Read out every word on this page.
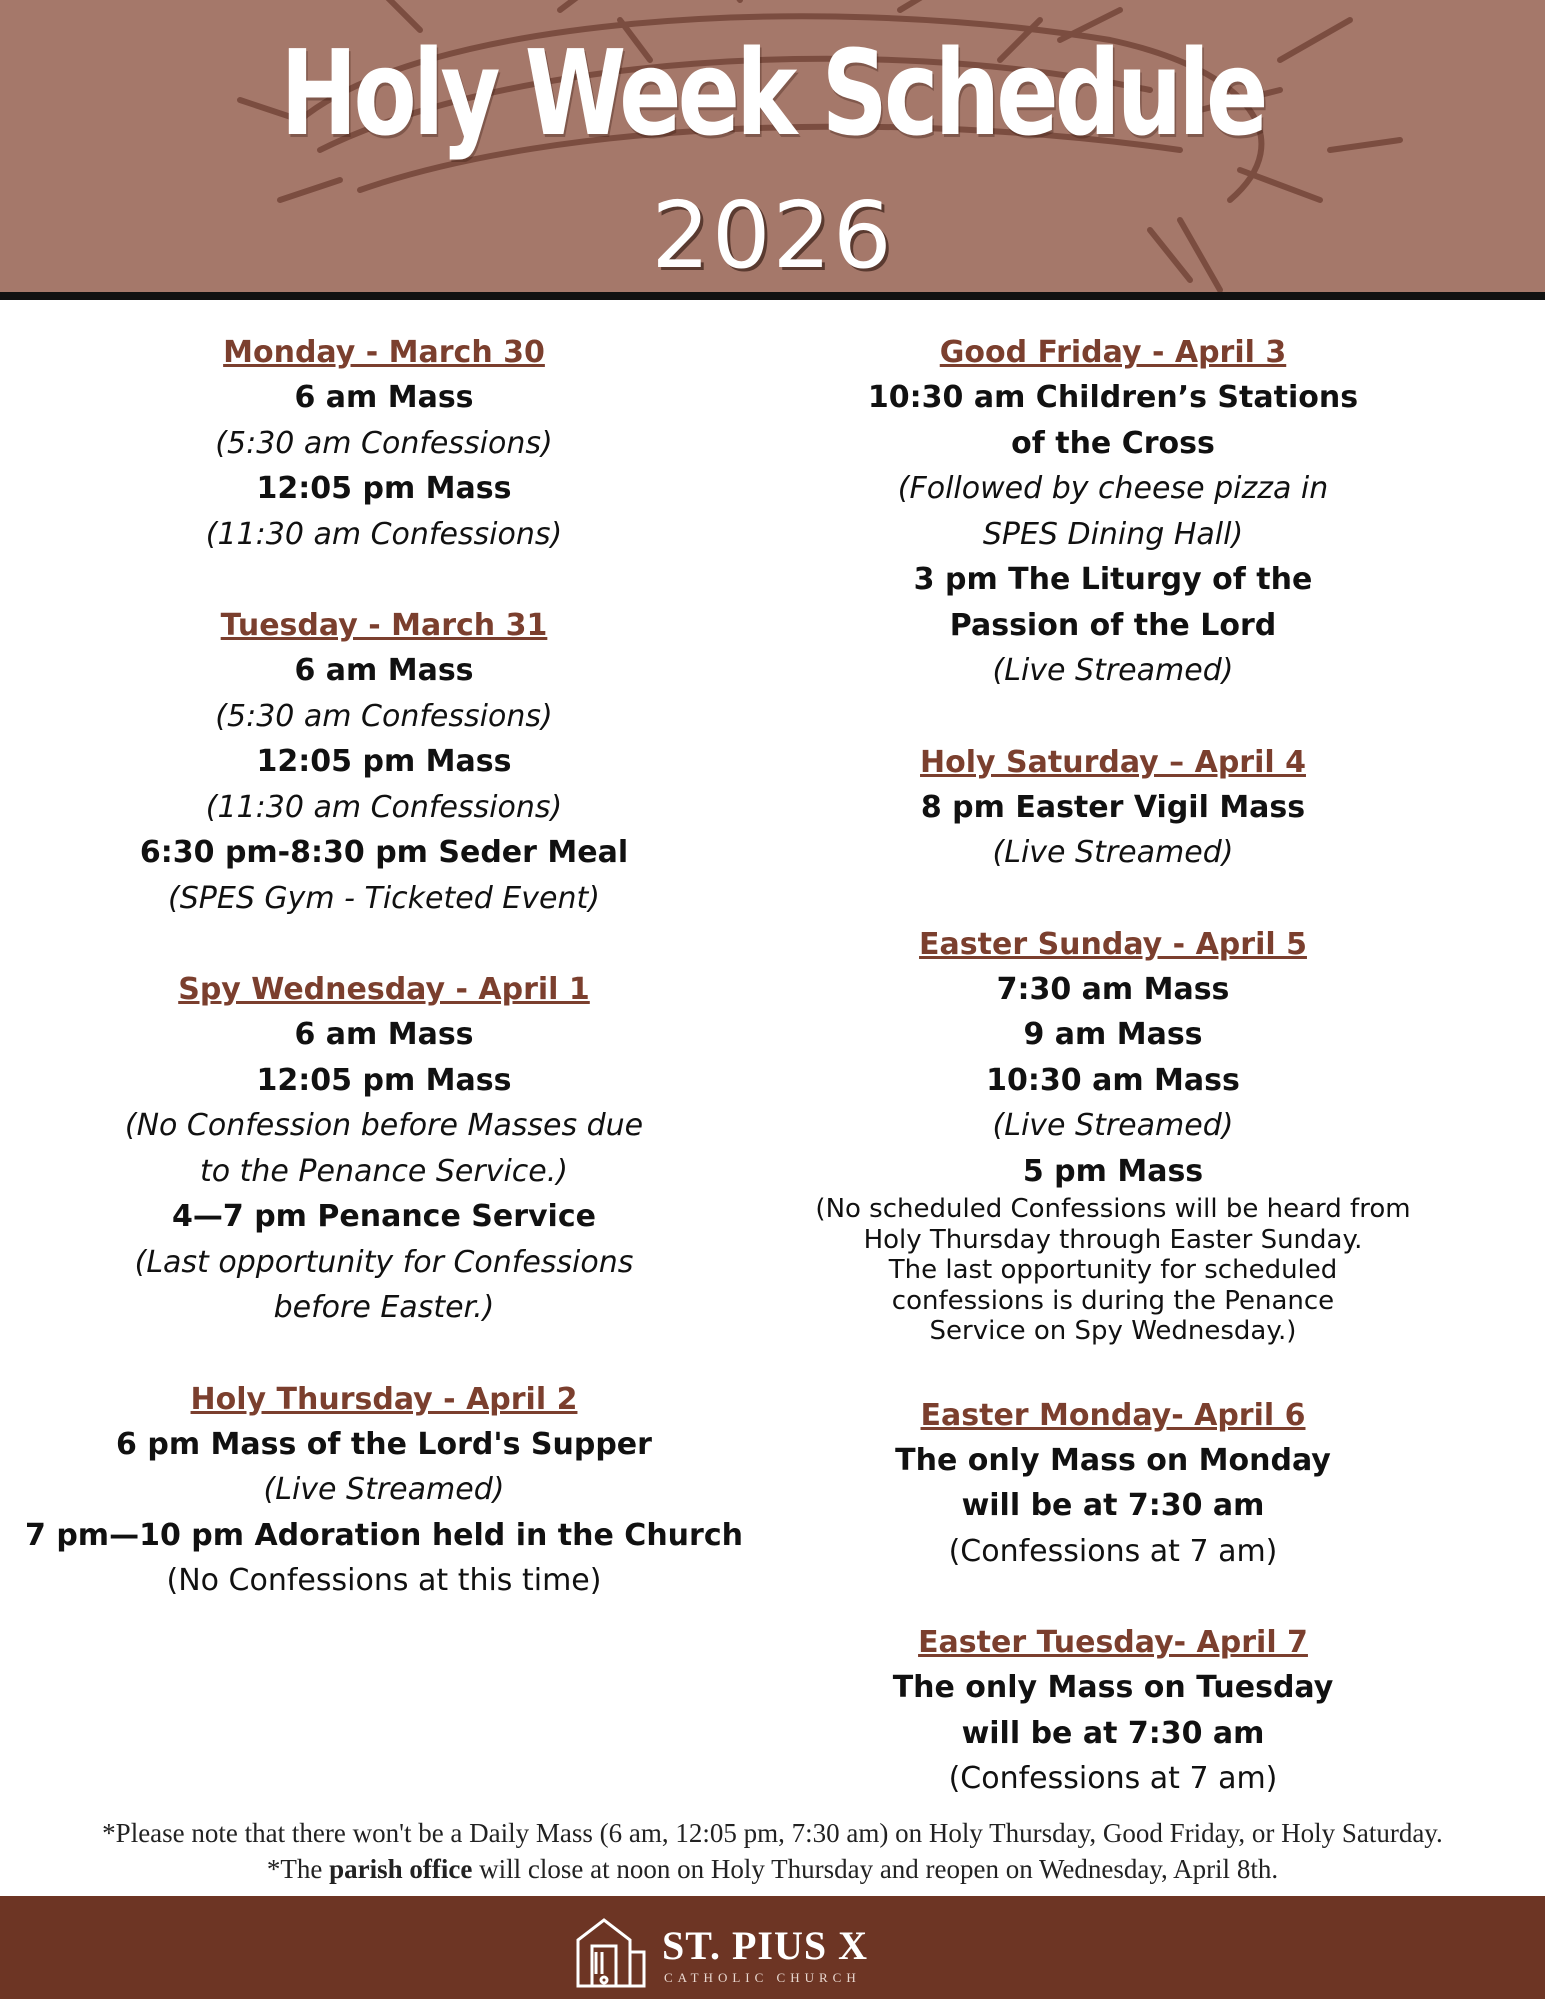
Holy Week Schedule
2026
Monday - March 30
6 am Mass
(5:30 am Confessions)
12:05 pm Mass
(11:30 am Confessions)
Tuesday - March 31
6 am Mass
(5:30 am Confessions)
12:05 pm Mass
(11:30 am Confessions)
6:30 pm-8:30 pm Seder Meal
(SPES Gym - Ticketed Event)
Spy Wednesday - April 1
6 am Mass
12:05 pm Mass
(No Confession before Masses due
to the Penance Service.)
4—7 pm Penance Service
(Last opportunity for Confessions
before Easter.)
Holy Thursday - April 2
6 pm Mass of the Lord's Supper
(Live Streamed)
7 pm—10 pm Adoration held in the Church
(No Confessions at this time)
Good Friday - April 3
10:30 am Children’s Stations
of the Cross
(Followed by cheese pizza in
SPES Dining Hall)
3 pm The Liturgy of the
Passion of the Lord
(Live Streamed)
Holy Saturday – April 4
8 pm Easter Vigil Mass
(Live Streamed)
Easter Sunday - April 5
7:30 am Mass
9 am Mass
10:30 am Mass
(Live Streamed)
5 pm Mass
(No scheduled Confessions will be heard from
Holy Thursday through Easter Sunday.
The last opportunity for scheduled
confessions is during the Penance
Service on Spy Wednesday.)
Easter Monday- April 6
The only Mass on Monday
will be at 7:30 am
(Confessions at 7 am)
Easter Tuesday- April 7
The only Mass on Tuesday
will be at 7:30 am
(Confessions at 7 am)
*Please note that there won't be a Daily Mass (6 am, 12:05 pm, 7:30 am) on Holy Thursday, Good Friday, or Holy Saturday.
*The parish office will close at noon on Holy Thursday and reopen on Wednesday, April 8th.
ST. PIUS X
CATHOLIC CHURCH
